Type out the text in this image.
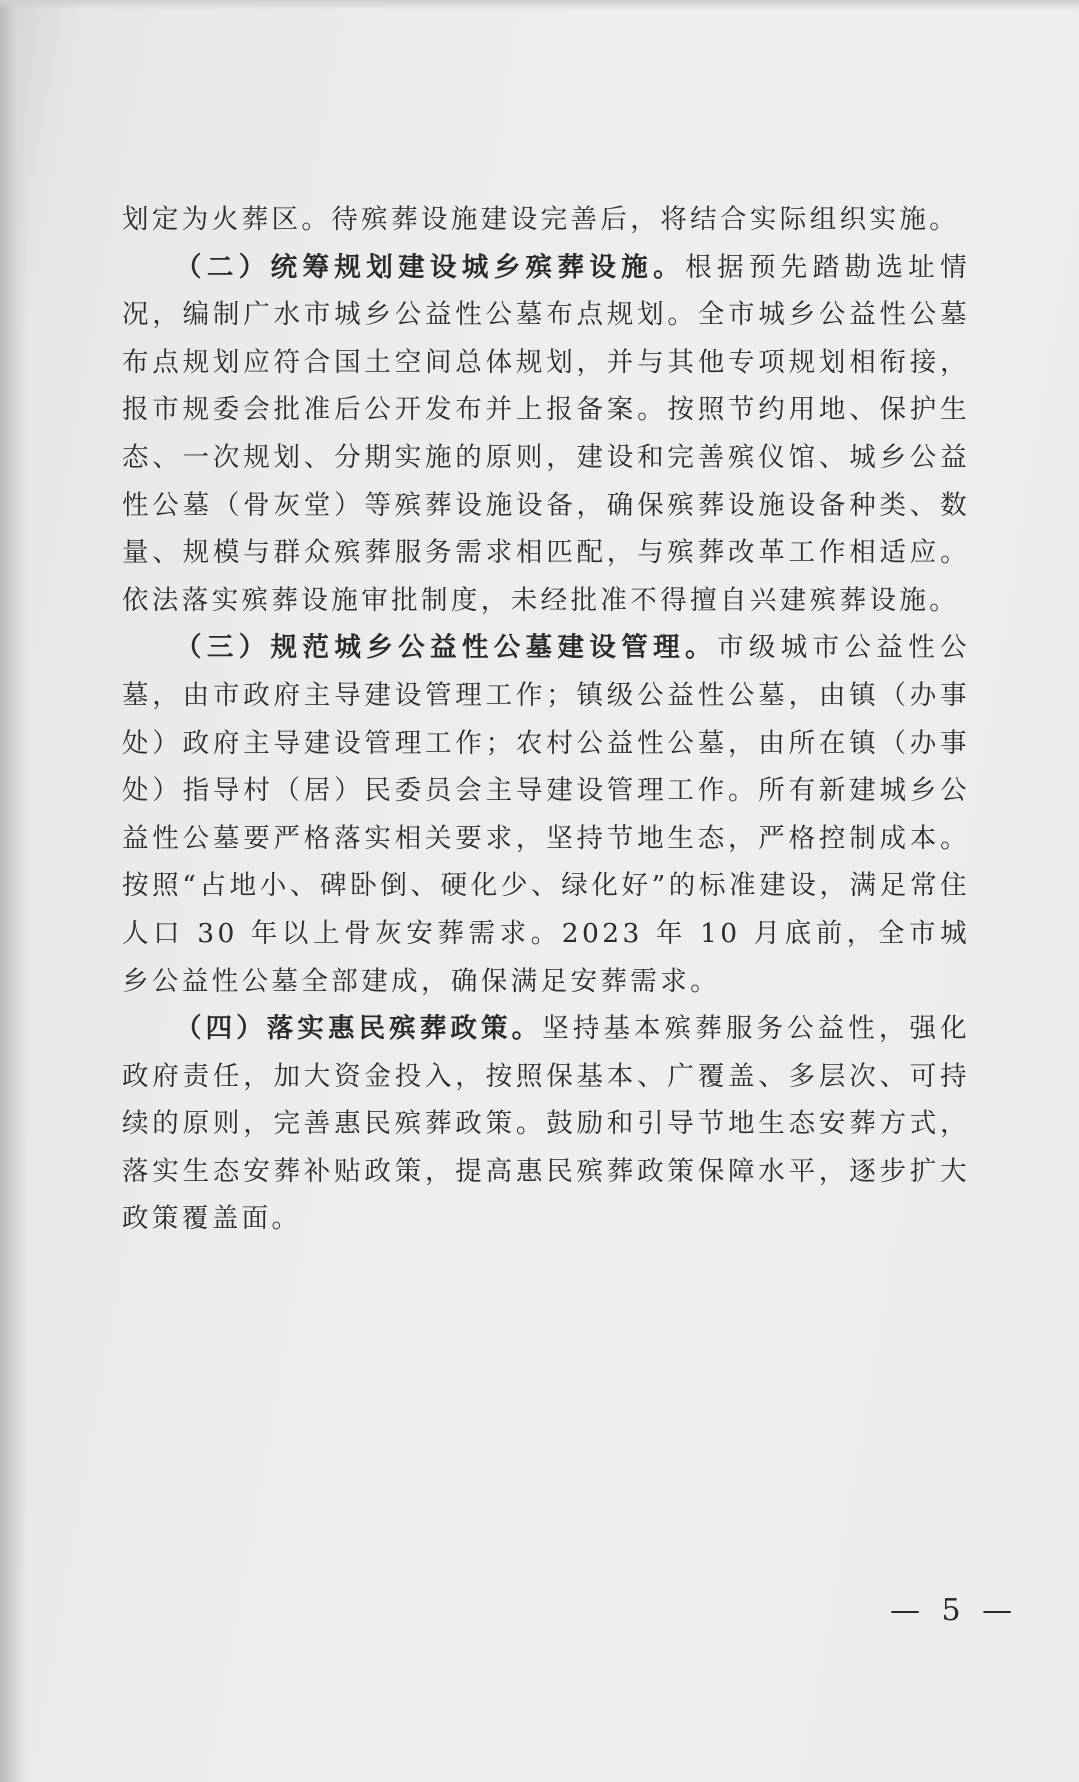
划定为火葬区。待殡葬设施建设完善后，将结合实际组织实施。

（二）统筹规划建设城乡殡葬设施。根据预先踏勘选址情况，编制广水市城乡公益性公墓布点规划。全市城乡公益性公墓布点规划应符合国土空间总体规划，并与其他专项规划相衔接，报市规委会批准后公开发布并上报备案。按照节约用地、保护生态、一次规划、分期实施的原则，建设和完善殡仪馆、城乡公益性公墓（骨灰堂）等殡葬设施设备，确保殡葬设施设备种类、数量、规模与群众殡葬服务需求相匹配，与殡葬改革工作相适应。依法落实殡葬设施审批制度，未经批准不得擅自兴建殡葬设施。

（三）规范城乡公益性公墓建设管理。市级城市公益性公墓，由市政府主导建设管理工作；镇级公益性公墓，由镇（办事处）政府主导建设管理工作；农村公益性公墓，由所在镇（办事处）指导村（居）民委员会主导建设管理工作。所有新建城乡公益性公墓要严格落实相关要求，坚持节地生态，严格控制成本。按照“占地小、碑卧倒、硬化少、绿化好”的标准建设，满足常住人口 30 年以上骨灰安葬需求。2023 年 10 月底前，全市城乡公益性公墓全部建成，确保满足安葬需求。

（四）落实惠民殡葬政策。坚持基本殡葬服务公益性，强化政府责任，加大资金投入，按照保基本、广覆盖、多层次、可持续的原则，完善惠民殡葬政策。鼓励和引导节地生态安葬方式，落实生态安葬补贴政策，提高惠民殡葬政策保障水平，逐步扩大政策覆盖面。

— 5 —
